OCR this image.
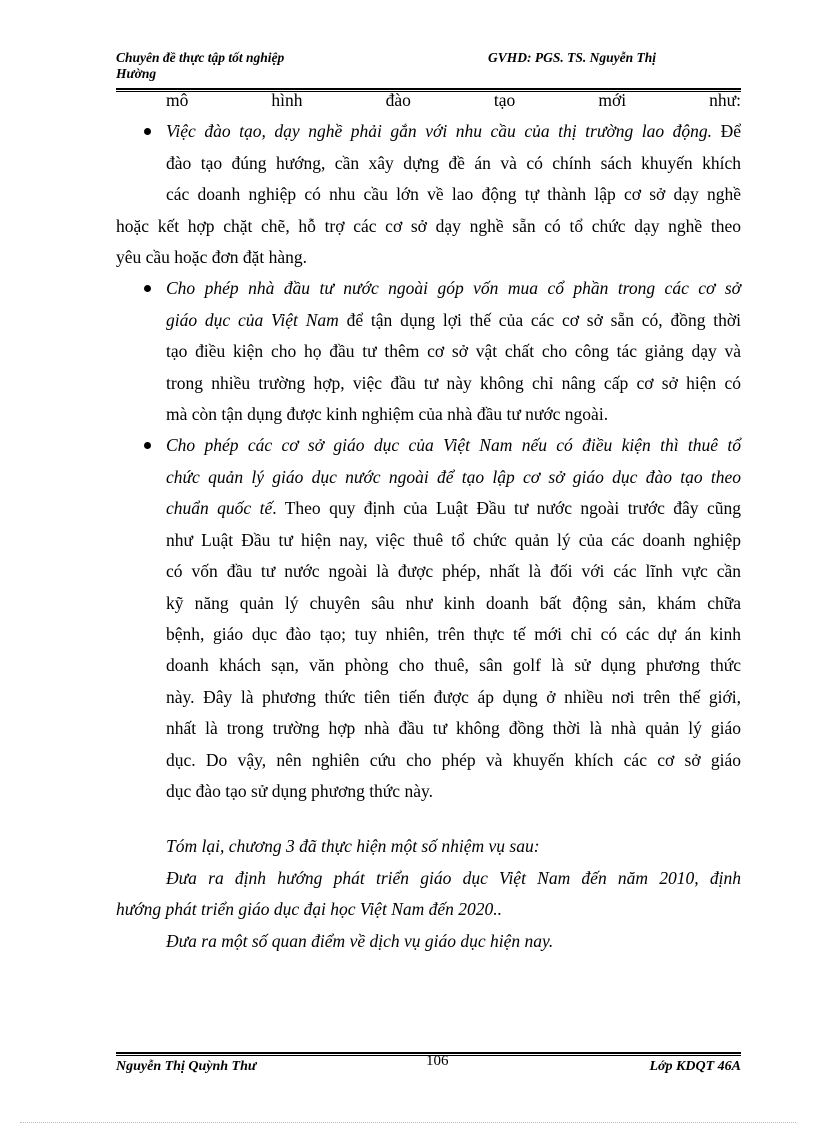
Chuyên đề thực tập tốt nghiệp
Hường
GVHD: PGS. TS. Nguyễn Thị
mô hình đào tạo mới như:
Việc đào tạo, dạy nghề phải gắn với nhu cầu của thị trường lao động. Để
đào tạo đúng hướng, cần xây dựng đề án và có chính sách khuyến khích
các doanh nghiệp có nhu cầu lớn về lao động tự thành lập cơ sở dạy nghề
hoặc kết hợp chặt chẽ, hỗ trợ các cơ sở dạy nghề sẵn có tổ chức dạy nghề theo
yêu cầu hoặc đơn đặt hàng.
Cho phép nhà đầu tư nước ngoài góp vốn mua cổ phần trong các cơ sở
giáo dục của Việt Nam để tận dụng lợi thế của các cơ sở sẵn có, đồng thời
tạo điều kiện cho họ đầu tư thêm cơ sở vật chất cho công tác giảng dạy và
trong nhiều trường hợp, việc đầu tư này không chỉ nâng cấp cơ sở hiện có
mà còn tận dụng được kinh nghiệm của nhà đầu tư nước ngoài.
Cho phép các cơ sở giáo dục của Việt Nam nếu có điều kiện thì thuê tổ
chức quản lý giáo dục nước ngoài để tạo lập cơ sở giáo dục đào tạo theo
chuẩn quốc tế. Theo quy định của Luật Đầu tư nước ngoài trước đây cũng
như Luật Đầu tư hiện nay, việc thuê tổ chức quản lý của các doanh nghiệp
có vốn đầu tư nước ngoài là được phép, nhất là đối với các lĩnh vực cần
kỹ năng quản lý chuyên sâu như kinh doanh bất động sản, khám chữa
bệnh, giáo dục đào tạo; tuy nhiên, trên thực tế mới chỉ có các dự án kinh
doanh khách sạn, văn phòng cho thuê, sân golf là sử dụng phương thức
này. Đây là phương thức tiên tiến được áp dụng ở nhiều nơi trên thế giới,
nhất là trong trường hợp nhà đầu tư không đồng thời là nhà quản lý giáo
dục. Do vậy, nên nghiên cứu cho phép và khuyến khích các cơ sở giáo
dục đào tạo sử dụng phương thức này.
Tóm lại, chương 3 đã thực hiện một số nhiệm vụ sau:
Đưa ra định hướng phát triển giáo dục Việt Nam đến năm 2010, định
hướng phát triển giáo dục đại học Việt Nam đến 2020..
Đưa ra một số quan điểm về dịch vụ giáo dục hiện nay.
106
Nguyễn Thị Quỳnh Thư	Lớp KDQT 46A
